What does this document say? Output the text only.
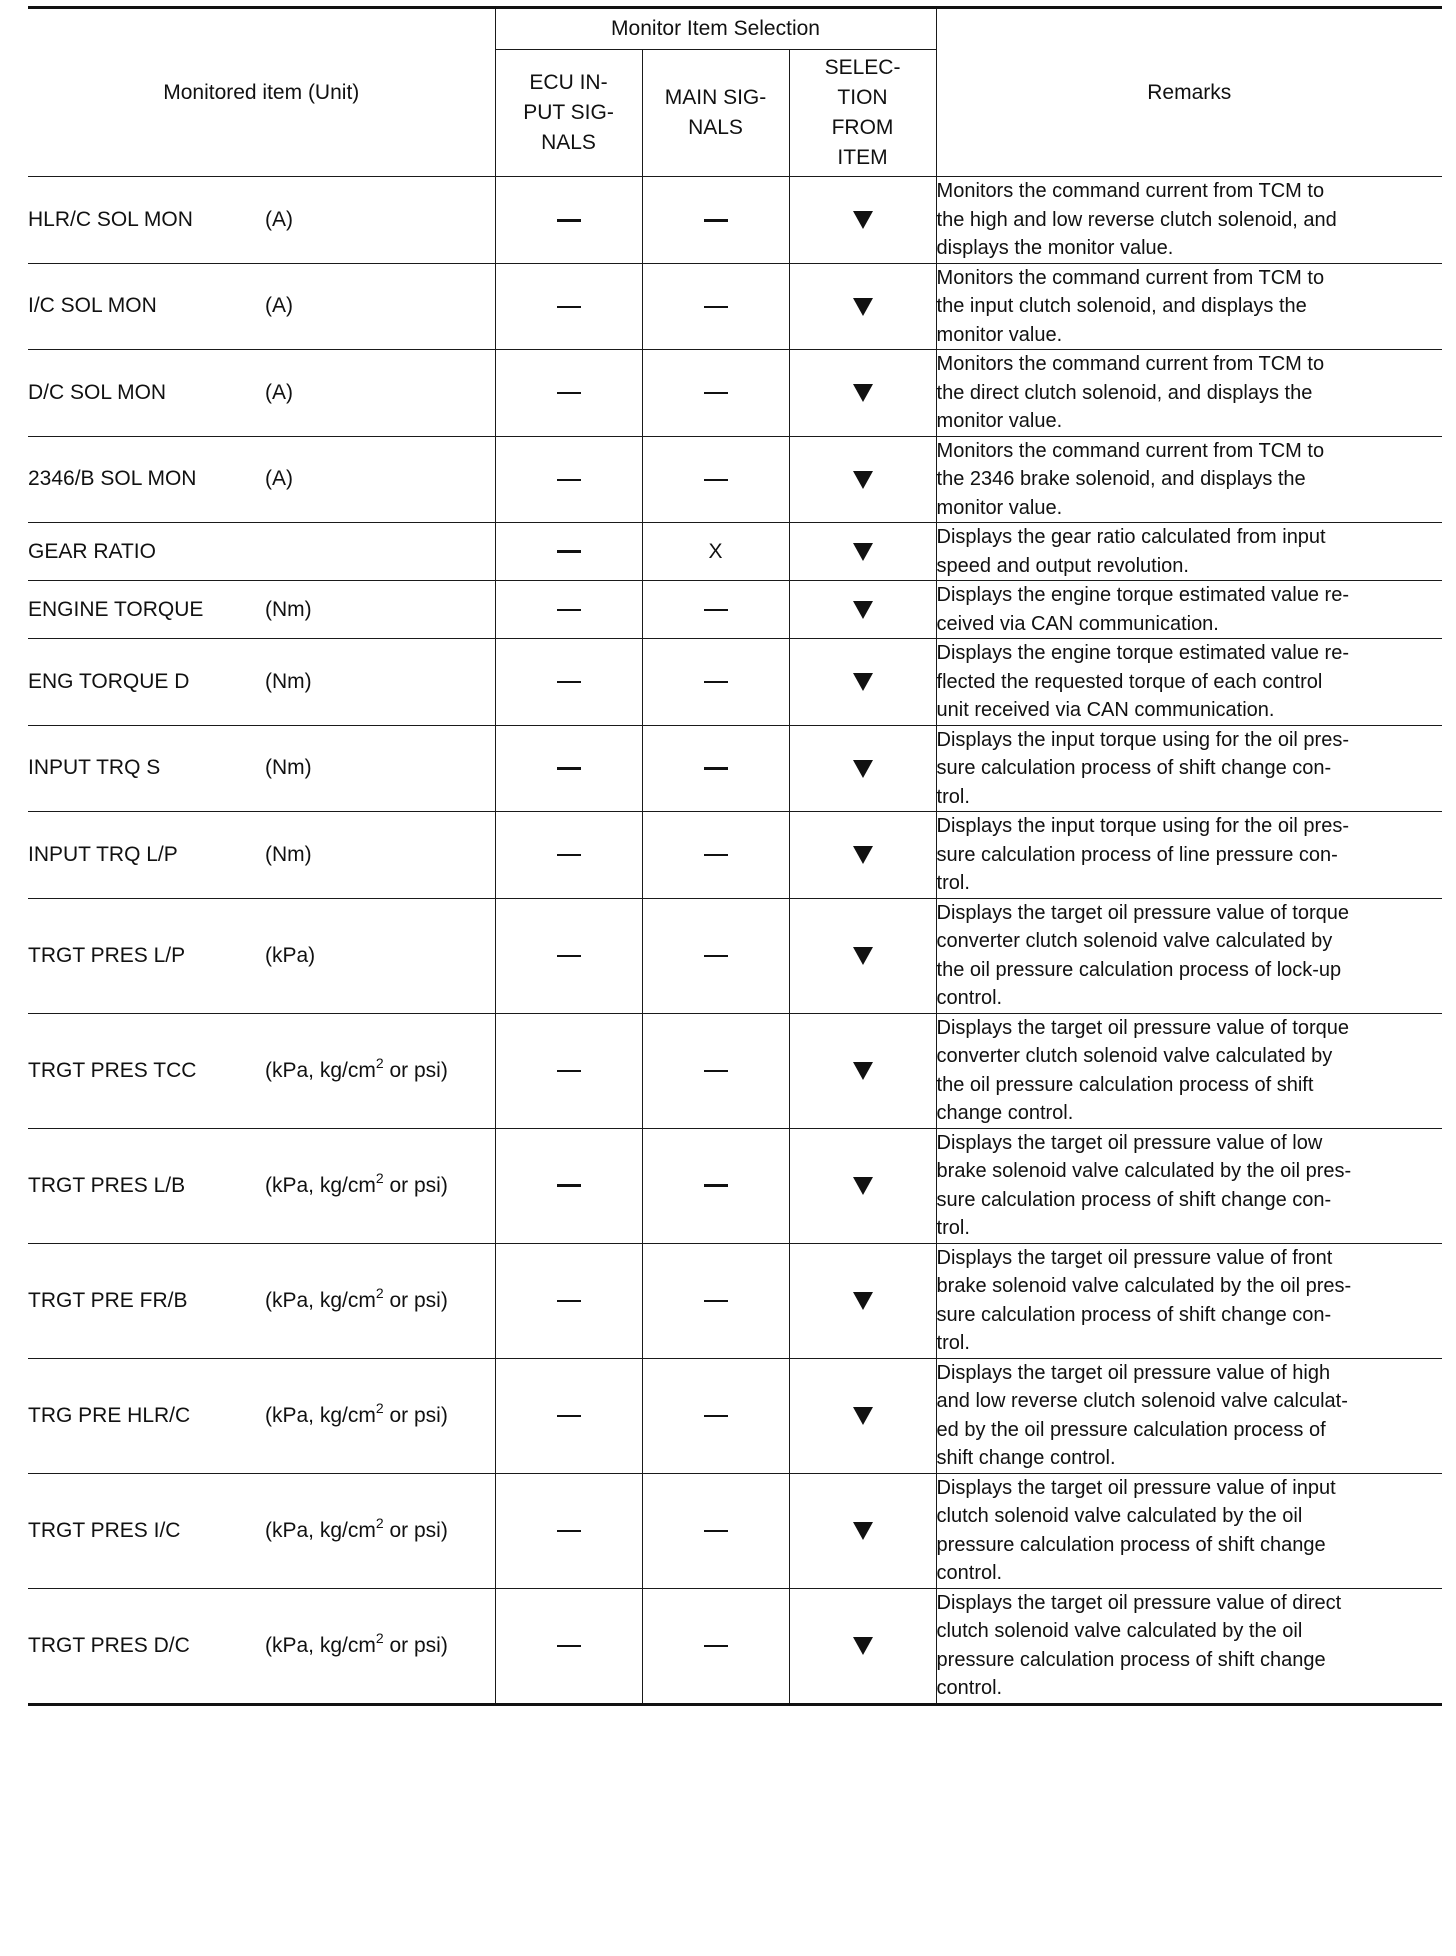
Monitored item (Unit)	Monitor Item Selection			Remarks

	ECU IN-
PUT SIG-
NALS	MAIN SIG-
NALS	SELEC-
TION
FROM
ITEM	

HLR/C SOL MON (A)				Monitors the command current from TCM to
the high and low reverse clutch solenoid, and
displays the monitor value.

I/C SOL MON (A)				Monitors the command current from TCM to
the input clutch solenoid, and displays the
monitor value.

D/C SOL MON (A)				Monitors the command current from TCM to
the direct clutch solenoid, and displays the
monitor value.

2346/B SOL MON (A)				Monitors the command current from TCM to
the 2346 brake solenoid, and displays the
monitor value.

GEAR RATIO		X		Displays the gear ratio calculated from input
speed and output revolution.

ENGINE TORQUE (Nm)				Displays the engine torque estimated value re-
ceived via CAN communication.

ENG TORQUE D (Nm)				Displays the engine torque estimated value re-
flected the requested torque of each control
unit received via CAN communication.

INPUT TRQ S (Nm)				Displays the input torque using for the oil pres-
sure calculation process of shift change con-
trol.

INPUT TRQ L/P (Nm)				Displays the input torque using for the oil pres-
sure calculation process of line pressure con-
trol.

TRGT PRES L/P (kPa)				Displays the target oil pressure value of torque
converter clutch solenoid valve calculated by
the oil pressure calculation process of lock-up
control.

TRGT PRES TCC (kPa, $kg/cm^2$ or psi)				Displays the target oil pressure value of torque
converter clutch solenoid valve calculated by
the oil pressure calculation process of shift
change control.

TRGT PRES L/B (kPa, $kg/cm^2$ or psi)				Displays the target oil pressure value of low
brake solenoid valve calculated by the oil pres-
sure calculation process of shift change con-
trol.

TRGT PRE FR/B (kPa, $kg/cm^2$ or psi)				Displays the target oil pressure value of front
brake solenoid valve calculated by the oil pres-
sure calculation process of shift change con-
trol.

TRG PRE HLR/C (kPa, $kg/cm^2$ or psi)				Displays the target oil pressure value of high
and low reverse clutch solenoid valve calculat-
ed by the oil pressure calculation process of
shift change control.

TRGT PRES I/C (kPa, $kg/cm^2$ or psi)				Displays the target oil pressure value of input
clutch solenoid valve calculated by the oil
pressure calculation process of shift change
control.

TRGT PRES D/C (kPa, $kg/cm^2$ or psi)				Displays the target oil pressure value of direct
clutch solenoid valve calculated by the oil
pressure calculation process of shift change
control.
